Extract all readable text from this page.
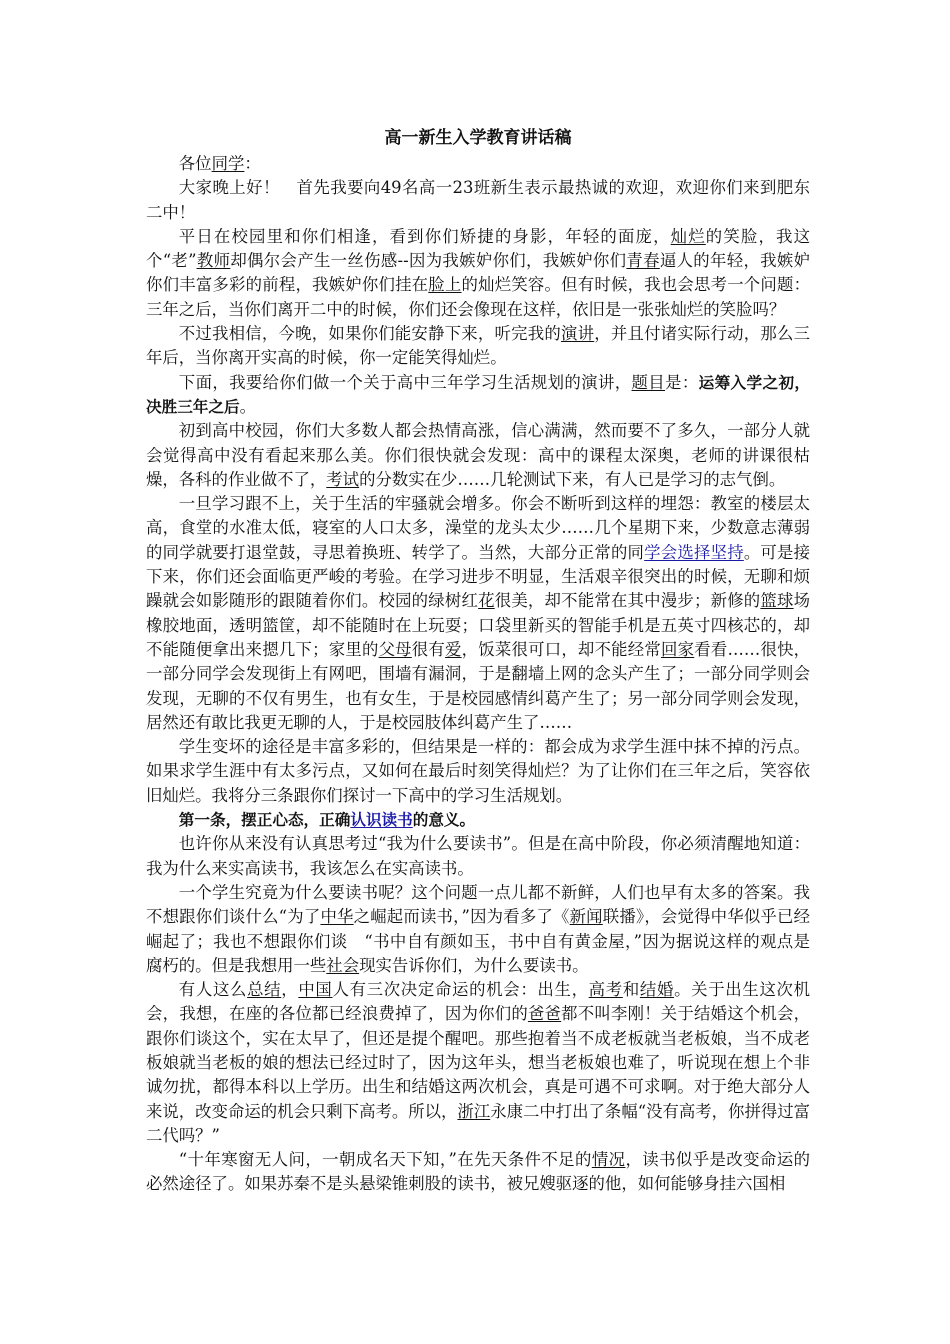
高一新生入学教育讲话稿

各位同学：

大家晚上好！　首先我要向49名高一23班新生表示最热诚的欢迎，欢迎你们来到肥东二中！

平日在校园里和你们相逢，看到你们矫捷的身影，年轻的面庞，灿烂的笑脸，我这个“老”教师却偶尔会产生一丝伤感--因为我嫉妒你们，我嫉妒你们青春逼人的年轻，我嫉妒你们丰富多彩的前程，我嫉妒你们挂在脸上的灿烂笑容。但有时候，我也会思考一个问题：三年之后，当你们离开二中的时候，你们还会像现在这样，依旧是一张张灿烂的笑脸吗？

不过我相信，今晚，如果你们能安静下来，听完我的演讲，并且付诸实际行动，那么三年后，当你离开实高的时候，你一定能笑得灿烂。

下面，我要给你们做一个关于高中三年学习生活规划的演讲，题目是：运筹入学之初，决胜三年之后。

初到高中校园，你们大多数人都会热情高涨，信心满满，然而要不了多久，一部分人就会觉得高中没有看起来那么美。你们很快就会发现：高中的课程太深奥，老师的讲课很枯燥，各科的作业做不了，考试的分数实在少……几轮测试下来，有人已是学习的志气倒。

一旦学习跟不上，关于生活的牢骚就会增多。你会不断听到这样的埋怨：教室的楼层太高，食堂的水准太低，寝室的人口太多，澡堂的龙头太少……几个星期下来，少数意志薄弱的同学就要打退堂鼓，寻思着换班、转学了。当然，大部分正常的同学会选择坚持。可是接下来，你们还会面临更严峻的考验。在学习进步不明显，生活艰辛很突出的时候，无聊和烦躁就会如影随形的跟随着你们。校园的绿树红花很美，却不能常在其中漫步；新修的篮球场橡胶地面，透明篮筐，却不能随时在上玩耍；口袋里新买的智能手机是五英寸四核芯的，却不能随便拿出来摁几下；家里的父母很有爱，饭菜很可口，却不能经常回家看看……很快，一部分同学会发现街上有网吧，围墙有漏洞，于是翻墙上网的念头产生了；一部分同学则会发现，无聊的不仅有男生，也有女生，于是校园感情纠葛产生了；另一部分同学则会发现，居然还有敢比我更无聊的人，于是校园肢体纠葛产生了……

学生变坏的途径是丰富多彩的，但结果是一样的：都会成为求学生涯中抹不掉的污点。如果求学生涯中有太多污点，又如何在最后时刻笑得灿烂？为了让你们在三年之后，笑容依旧灿烂。我将分三条跟你们探讨一下高中的学习生活规划。

第一条，摆正心态，正确认识读书的意义。

也许你从来没有认真思考过“我为什么要读书”。但是在高中阶段，你必须清醒地知道：我为什么来实高读书，我该怎么在实高读书。

一个学生究竟为什么要读书呢？这个问题一点儿都不新鲜，人们也早有太多的答案。我不想跟你们谈什么“为了中华之崛起而读书，”因为看多了《新闻联播》，会觉得中华似乎已经崛起了；我也不想跟你们谈　“书中自有颜如玉，书中自有黄金屋，”因为据说这样的观点是腐朽的。但是我想用一些社会现实告诉你们，为什么要读书。

有人这么总结，中国人有三次决定命运的机会：出生，高考和结婚。关于出生这次机会，我想，在座的各位都已经浪费掉了，因为你们的爸爸都不叫李刚！关于结婚这个机会，跟你们谈这个，实在太早了，但还是提个醒吧。那些抱着当不成老板就当老板娘，当不成老板娘就当老板的娘的想法已经过时了，因为这年头，想当老板娘也难了，听说现在想上个非诚勿扰，都得本科以上学历。出生和结婚这两次机会，真是可遇不可求啊。对于绝大部分人来说，改变命运的机会只剩下高考。所以，浙江永康二中打出了条幅“没有高考，你拼得过富二代吗？”

“十年寒窗无人问，一朝成名天下知，”在先天条件不足的情况，读书似乎是改变命运的必然途径了。如果苏秦不是头悬梁锥刺股的读书，被兄嫂驱逐的他，如何能够身挂六国相
